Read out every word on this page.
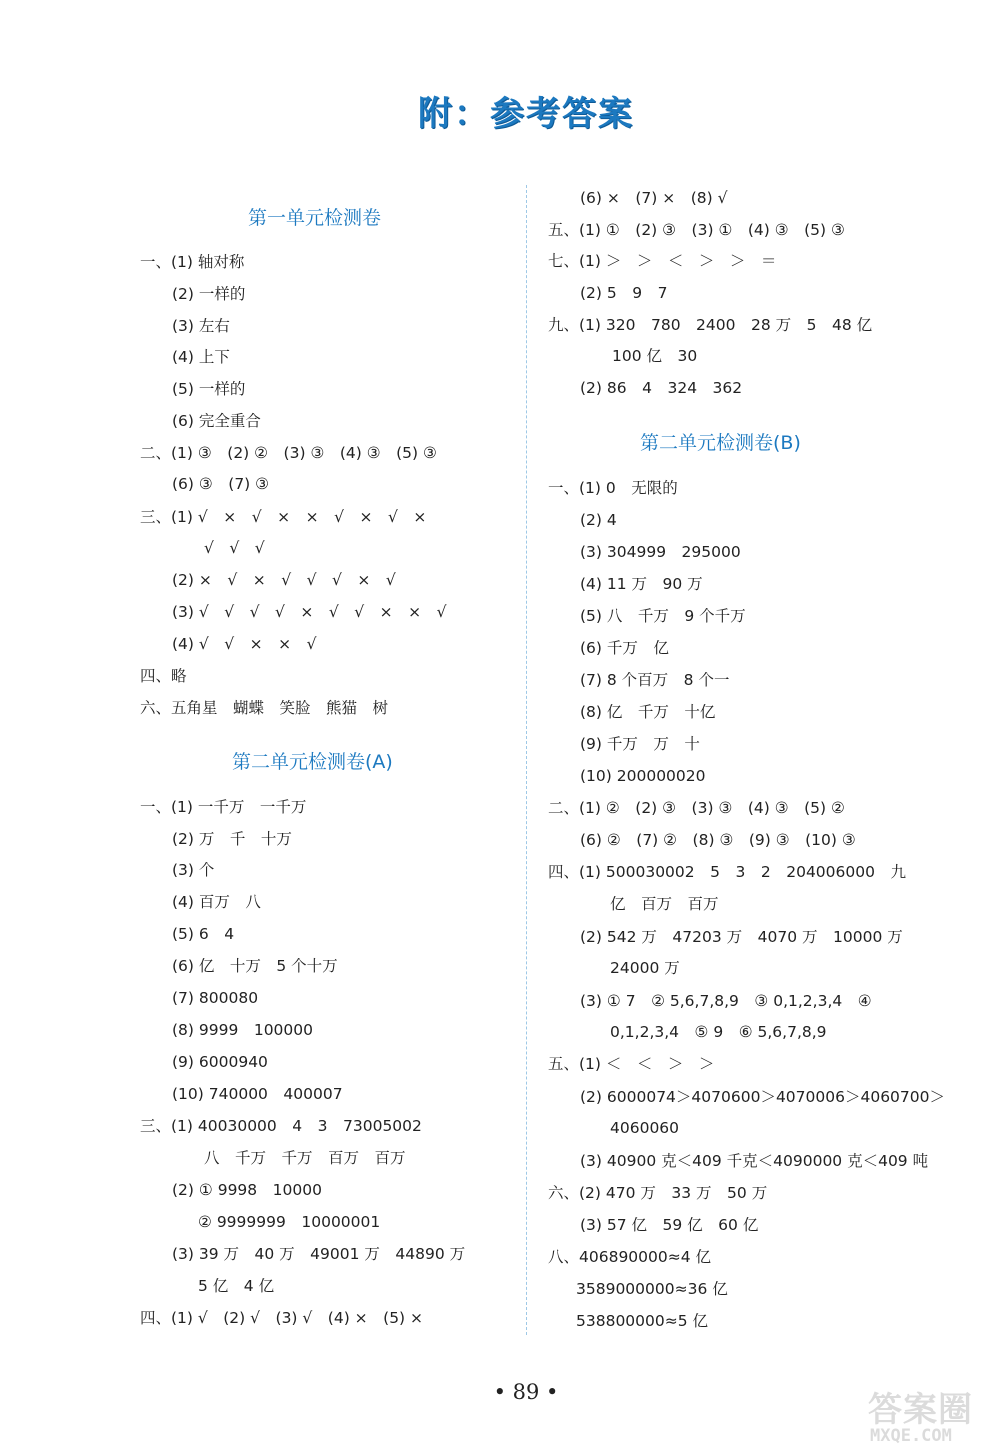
附：参考答案
第一单元检测卷
一、(1) 轴对称
(2) 一样的
(3) 左右
(4) 上下
(5) 一样的
(6) 完全重合
二、(1) ③　(2) ②　(3) ③　(4) ③　(5) ③
(6) ③　(7) ③
三、(1) √　×　√　×　×　√　×　√　×
√　√　√
(2) ×　√　×　√　√　√　×　√
(3) √　√　√　√　×　√　√　×　×　√
(4) √　√　×　×　√
四、略
六、五角星　蝴蝶　笑脸　熊猫　树
第二单元检测卷(A)
一、(1) 一千万　一千万
(2) 万　千　十万
(3) 个
(4) 百万　八
(5) 6　4
(6) 亿　十万　5 个十万
(7) 800080
(8) 9999　100000
(9) 6000940
(10) 740000　400007
三、(1) 40030000　4　3　73005002
八　千万　千万　百万　百万
(2) ① 9998　10000
② 9999999　10000001
(3) 39 万　40 万　49001 万　44890 万
5 亿　4 亿
四、(1) √　(2) √　(3) √　(4) ×　(5) ×
(6) ×　(7) ×　(8) √
五、(1) ①　(2) ③　(3) ①　(4) ③　(5) ③
七、(1) ＞　＞　＜　＞　＞　＝
(2) 5　9　7
九、(1) 320　780　2400　28 万　5　48 亿
100 亿　30
(2) 86　4　324　362
第二单元检测卷(B)
一、(1) 0　无限的
(2) 4
(3) 304999　295000
(4) 11 万　90 万
(5) 八　千万　9 个千万
(6) 千万　亿
(7) 8 个百万　8 个一
(8) 亿　千万　十亿
(9) 千万　万　十
(10) 200000020
二、(1) ②　(2) ③　(3) ③　(4) ③　(5) ②
(6) ②　(7) ②　(8) ③　(9) ③　(10) ③
四、(1) 500030002　5　3　2　204006000　九
亿　百万　百万
(2) 542 万　47203 万　4070 万　10000 万
24000 万
(3) ① 7　② 5,6,7,8,9　③ 0,1,2,3,4　④
0,1,2,3,4　⑤ 9　⑥ 5,6,7,8,9
五、(1) ＜　＜　＞　＞
(2) 6000074＞4070600＞4070006＞4060700＞
4060060
(3) 40900 克＜409 千克＜4090000 克＜409 吨
六、(2) 470 万　33 万　50 万
(3) 57 亿　59 亿　60 亿
八、406890000≈4 亿
3589000000≈36 亿
538800000≈5 亿
• 89 •	答案圈
MXQE.COM
